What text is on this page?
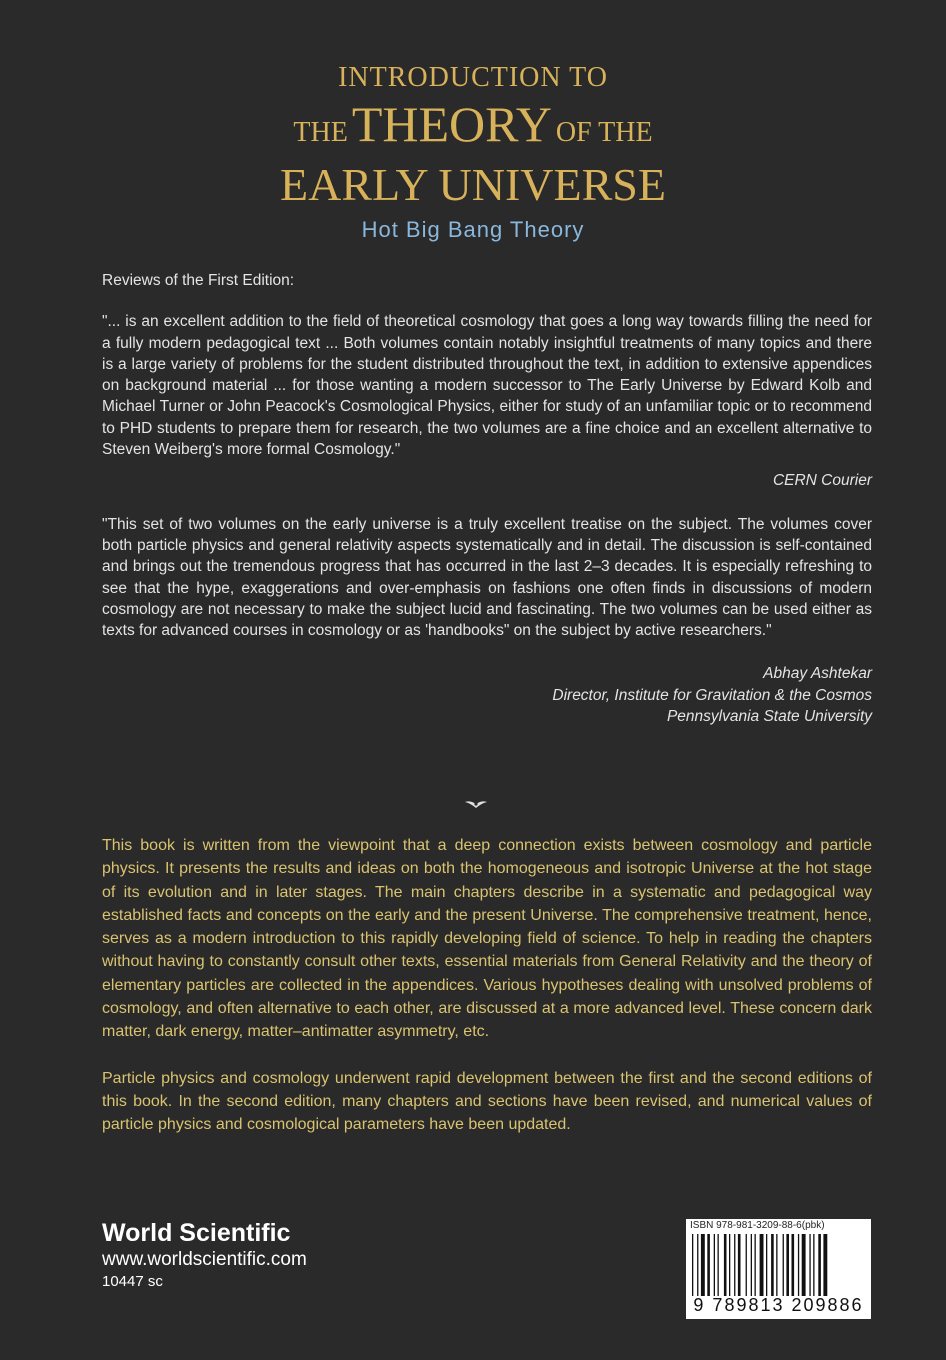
INTRODUCTION TO
THE THEORY OF THE
EARLY UNIVERSE
Hot Big Bang Theory

Reviews of the First Edition:

"... is an excellent addition to the field of theoretical cosmology that goes a long way towards filling the need for a fully modern pedagogical text ... Both volumes contain notably insightful treatments of many topics and there is a large variety of problems for the student distributed throughout the text, in addition to extensive appendices on background material ... for those wanting a modern successor to The Early Universe by Edward Kolb and Michael Turner or John Peacock's Cosmological Physics, either for study of an unfamiliar topic or to recommend to PHD students to prepare them for research, the two volumes are a fine choice and an excellent alternative to Steven Weiberg's more formal Cosmology."

CERN Courier

"This set of two volumes on the early universe is a truly excellent treatise on the subject. The volumes cover both particle physics and general relativity aspects systematically and in detail. The discussion is self-contained and brings out the tremendous progress that has occurred in the last 2–3 decades. It is especially refreshing to see that the hype, exaggerations and over-emphasis on fashions one often finds in discussions of modern cosmology are not necessary to make the subject lucid and fascinating. The two volumes can be used either as texts for advanced courses in cosmology or as 'handbooks" on the subject by active researchers."

Abhay Ashtekar

Director, Institute for Gravitation & the Cosmos

Pennsylvania State University

This book is written from the viewpoint that a deep connection exists between cosmology and particle physics. It presents the results and ideas on both the homogeneous and isotropic Universe at the hot stage of its evolution and in later stages. The main chapters describe in a systematic and pedagogical way established facts and concepts on the early and the present Universe. The comprehensive treatment, hence, serves as a modern introduction to this rapidly developing field of science. To help in reading the chapters without having to constantly consult other texts, essential materials from General Relativity and the theory of elementary particles are collected in the appendices. Various hypotheses dealing with unsolved problems of cosmology, and often alternative to each other, are discussed at a more advanced level. These concern dark matter, dark energy, matter–antimatter asymmetry, etc.

Particle physics and cosmology underwent rapid development between the first and the second editions of this book. In the second edition, many chapters and sections have been revised, and numerical values of particle physics and cosmological parameters have been updated.

World Scientific
www.worldscientific.com
10447 sc
ISBN 978-981-3209-88-6(pbk)
9 789813 209886
